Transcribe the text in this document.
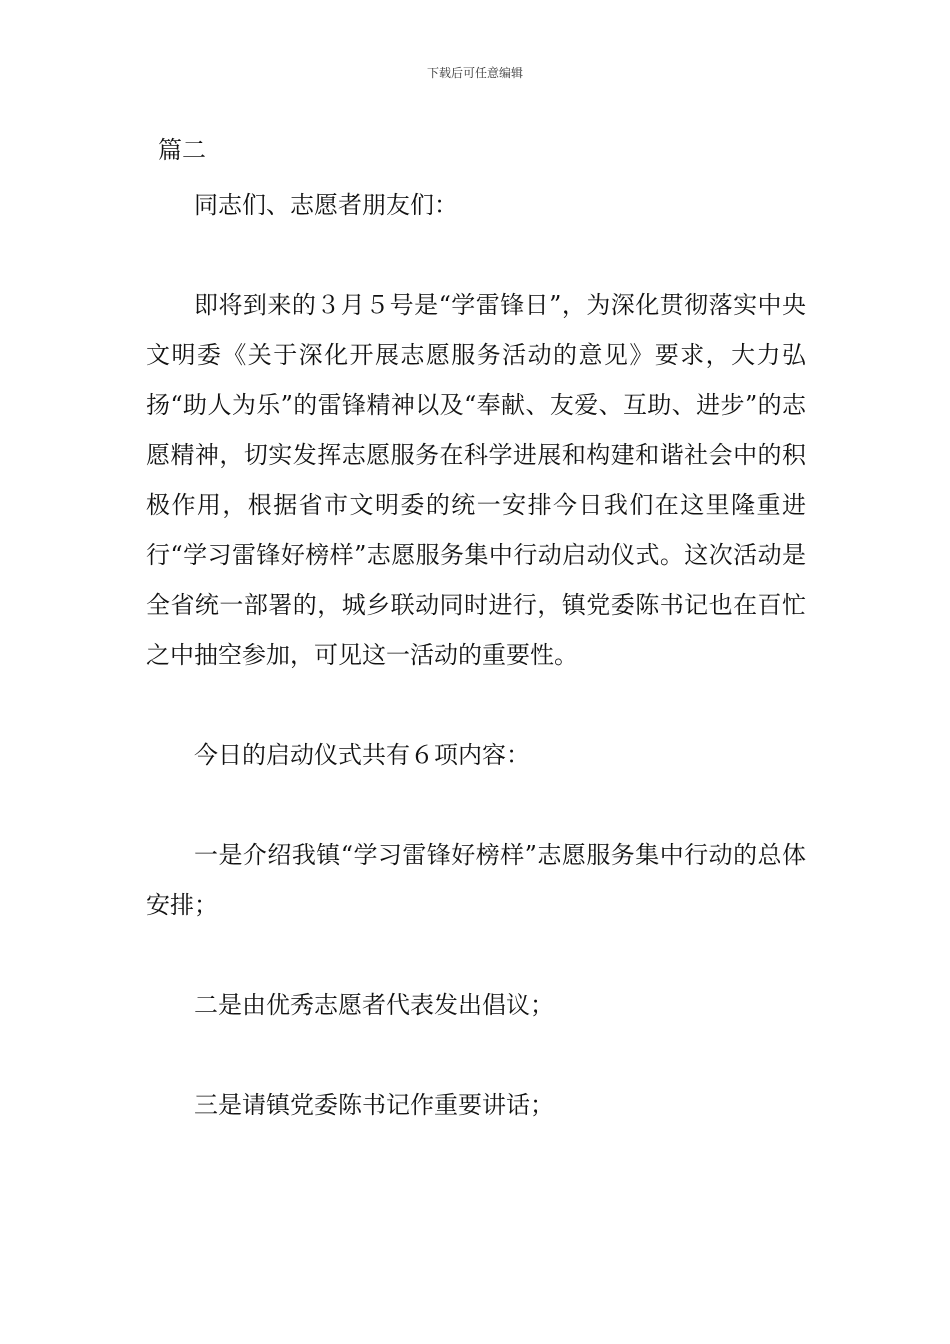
下载后可任意编辑
篇二

同志们、志愿者朋友们：

即将到来的３月５号是“学雷锋日”，为深化贯彻落实中央文明委《关于深化开展志愿服务活动的意见》要求，大力弘扬“助人为乐”的雷锋精神以及“奉献、友爱、互助、进步”的志愿精神，切实发挥志愿服务在科学进展和构建和谐社会中的积极作用，根据省市文明委的统一安排今日我们在这里隆重进行“学习雷锋好榜样”志愿服务集中行动启动仪式。这次活动是全省统一部署的，城乡联动同时进行，镇党委陈书记也在百忙之中抽空参加，可见这一活动的重要性。

今日的启动仪式共有６项内容：

一是介绍我镇“学习雷锋好榜样”志愿服务集中行动的总体安排；

二是由优秀志愿者代表发出倡议；

三是请镇党委陈书记作重要讲话；
